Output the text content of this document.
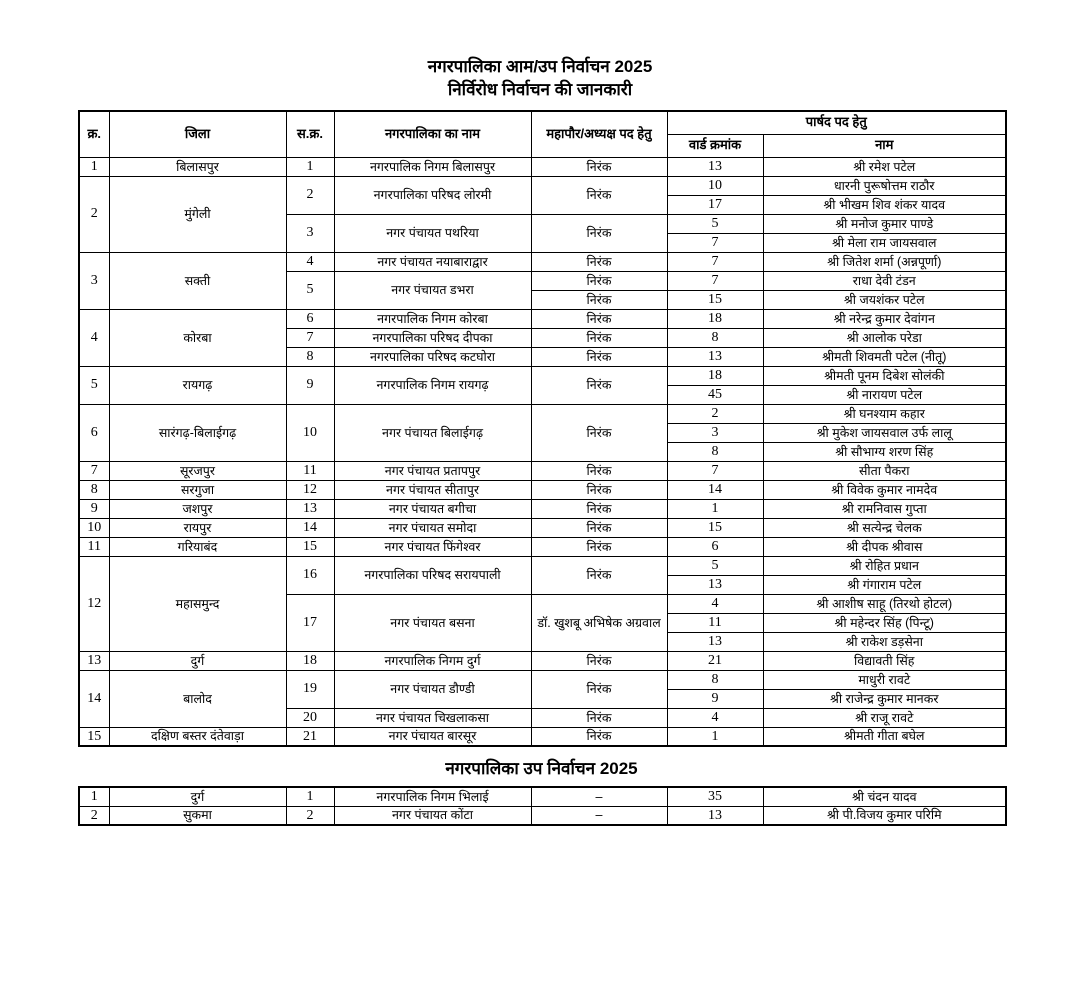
नगरपालिका आम/उप निर्वाचन 2025
निर्विरोध निर्वाचन की जानकारी
क्र.	जिला	स.क्र.	नगरपालिका का नाम	महापौर/अध्यक्ष पद हेतु	पार्षद पद हेतु	
					वार्ड क्रमांक	नाम
1	बिलासपुर	1	नगरपालिक निगम बिलासपुर	निरंक	13	श्री रमेश पटेल
2	मुंगेली	2	नगरपालिका परिषद लोरमी	निरंक	10	धारनी पुरूषोत्तम राठौर
					17	श्री भीखम शिव शंकर यादव
		3	नगर पंचायत पथरिया	निरंक	5	श्री मनोज कुमार पाण्डे
					7	श्री मेला राम जायसवाल
3	सक्ती	4	नगर पंचायत नयाबाराद्वार	निरंक	7	श्री जितेश शर्मा (अन्नपूर्णा)
		5	नगर पंचायत डभरा	निरंक	7	राधा देवी टंडन
				निरंक	15	श्री जयशंकर पटेल
4	कोरबा	6	नगरपालिक निगम कोरबा	निरंक	18	श्री नरेन्द्र कुमार देवांगन
		7	नगरपालिका परिषद दीपका	निरंक	8	श्री आलोक परेडा
		8	नगरपालिका परिषद कटघोरा	निरंक	13	श्रीमती शिवमती पटेल (नीतू)
5	रायगढ़	9	नगरपालिक निगम रायगढ़	निरंक	18	श्रीमती पूनम दिबेश सोलंकी
					45	श्री नारायण पटेल
6	सारंगढ़-बिलाईगढ़	10	नगर पंचायत बिलाईगढ़	निरंक	2	श्री घनश्याम कहार
					3	श्री मुकेश जायसवाल उर्फ लालू
					8	श्री सौभाग्य शरण सिंह
7	सूरजपुर	11	नगर पंचायत प्रतापपुर	निरंक	7	सीता पैकरा
8	सरगुजा	12	नगर पंचायत सीतापुर	निरंक	14	श्री विवेक कुमार नामदेव
9	जशपुर	13	नगर पंचायत बगीचा	निरंक	1	श्री रामनिवास गुप्ता
10	रायपुर	14	नगर पंचायत समोदा	निरंक	15	श्री सत्येन्द्र चेलक
11	गरियाबंद	15	नगर पंचायत फिंगेश्वर	निरंक	6	श्री दीपक श्रीवास
12	महासमुन्द	16	नगरपालिका परिषद सरायपाली	निरंक	5	श्री रोहित प्रधान
					13	श्री गंगाराम पटेल
		17	नगर पंचायत बसना	डॉ. खुशबू अभिषेक अग्रवाल	4	श्री आशीष साहू (तिरथो होटल)
					11	श्री महेन्दर सिंह (पिन्टू)
					13	श्री राकेश डड़सेना
13	दुर्ग	18	नगरपालिक निगम दुर्ग	निरंक	21	विद्यावती सिंह
14	बालोद	19	नगर पंचायत डौण्डी	निरंक	8	माधुरी रावटे
					9	श्री राजेन्द्र कुमार मानकर
		20	नगर पंचायत चिखलाकसा	निरंक	4	श्री राजू रावटे
15	दक्षिण बस्तर दंतेवाड़ा	21	नगर पंचायत बारसूर	निरंक	1	श्रीमती गीता बघेल
नगरपालिका उप निर्वाचन 2025
1	दुर्ग	1	नगरपालिक निगम भिलाई	–	35	श्री चंदन यादव
2	सुकमा	2	नगर पंचायत कोंटा	–	13	श्री पी.विजय कुमार परिमि
